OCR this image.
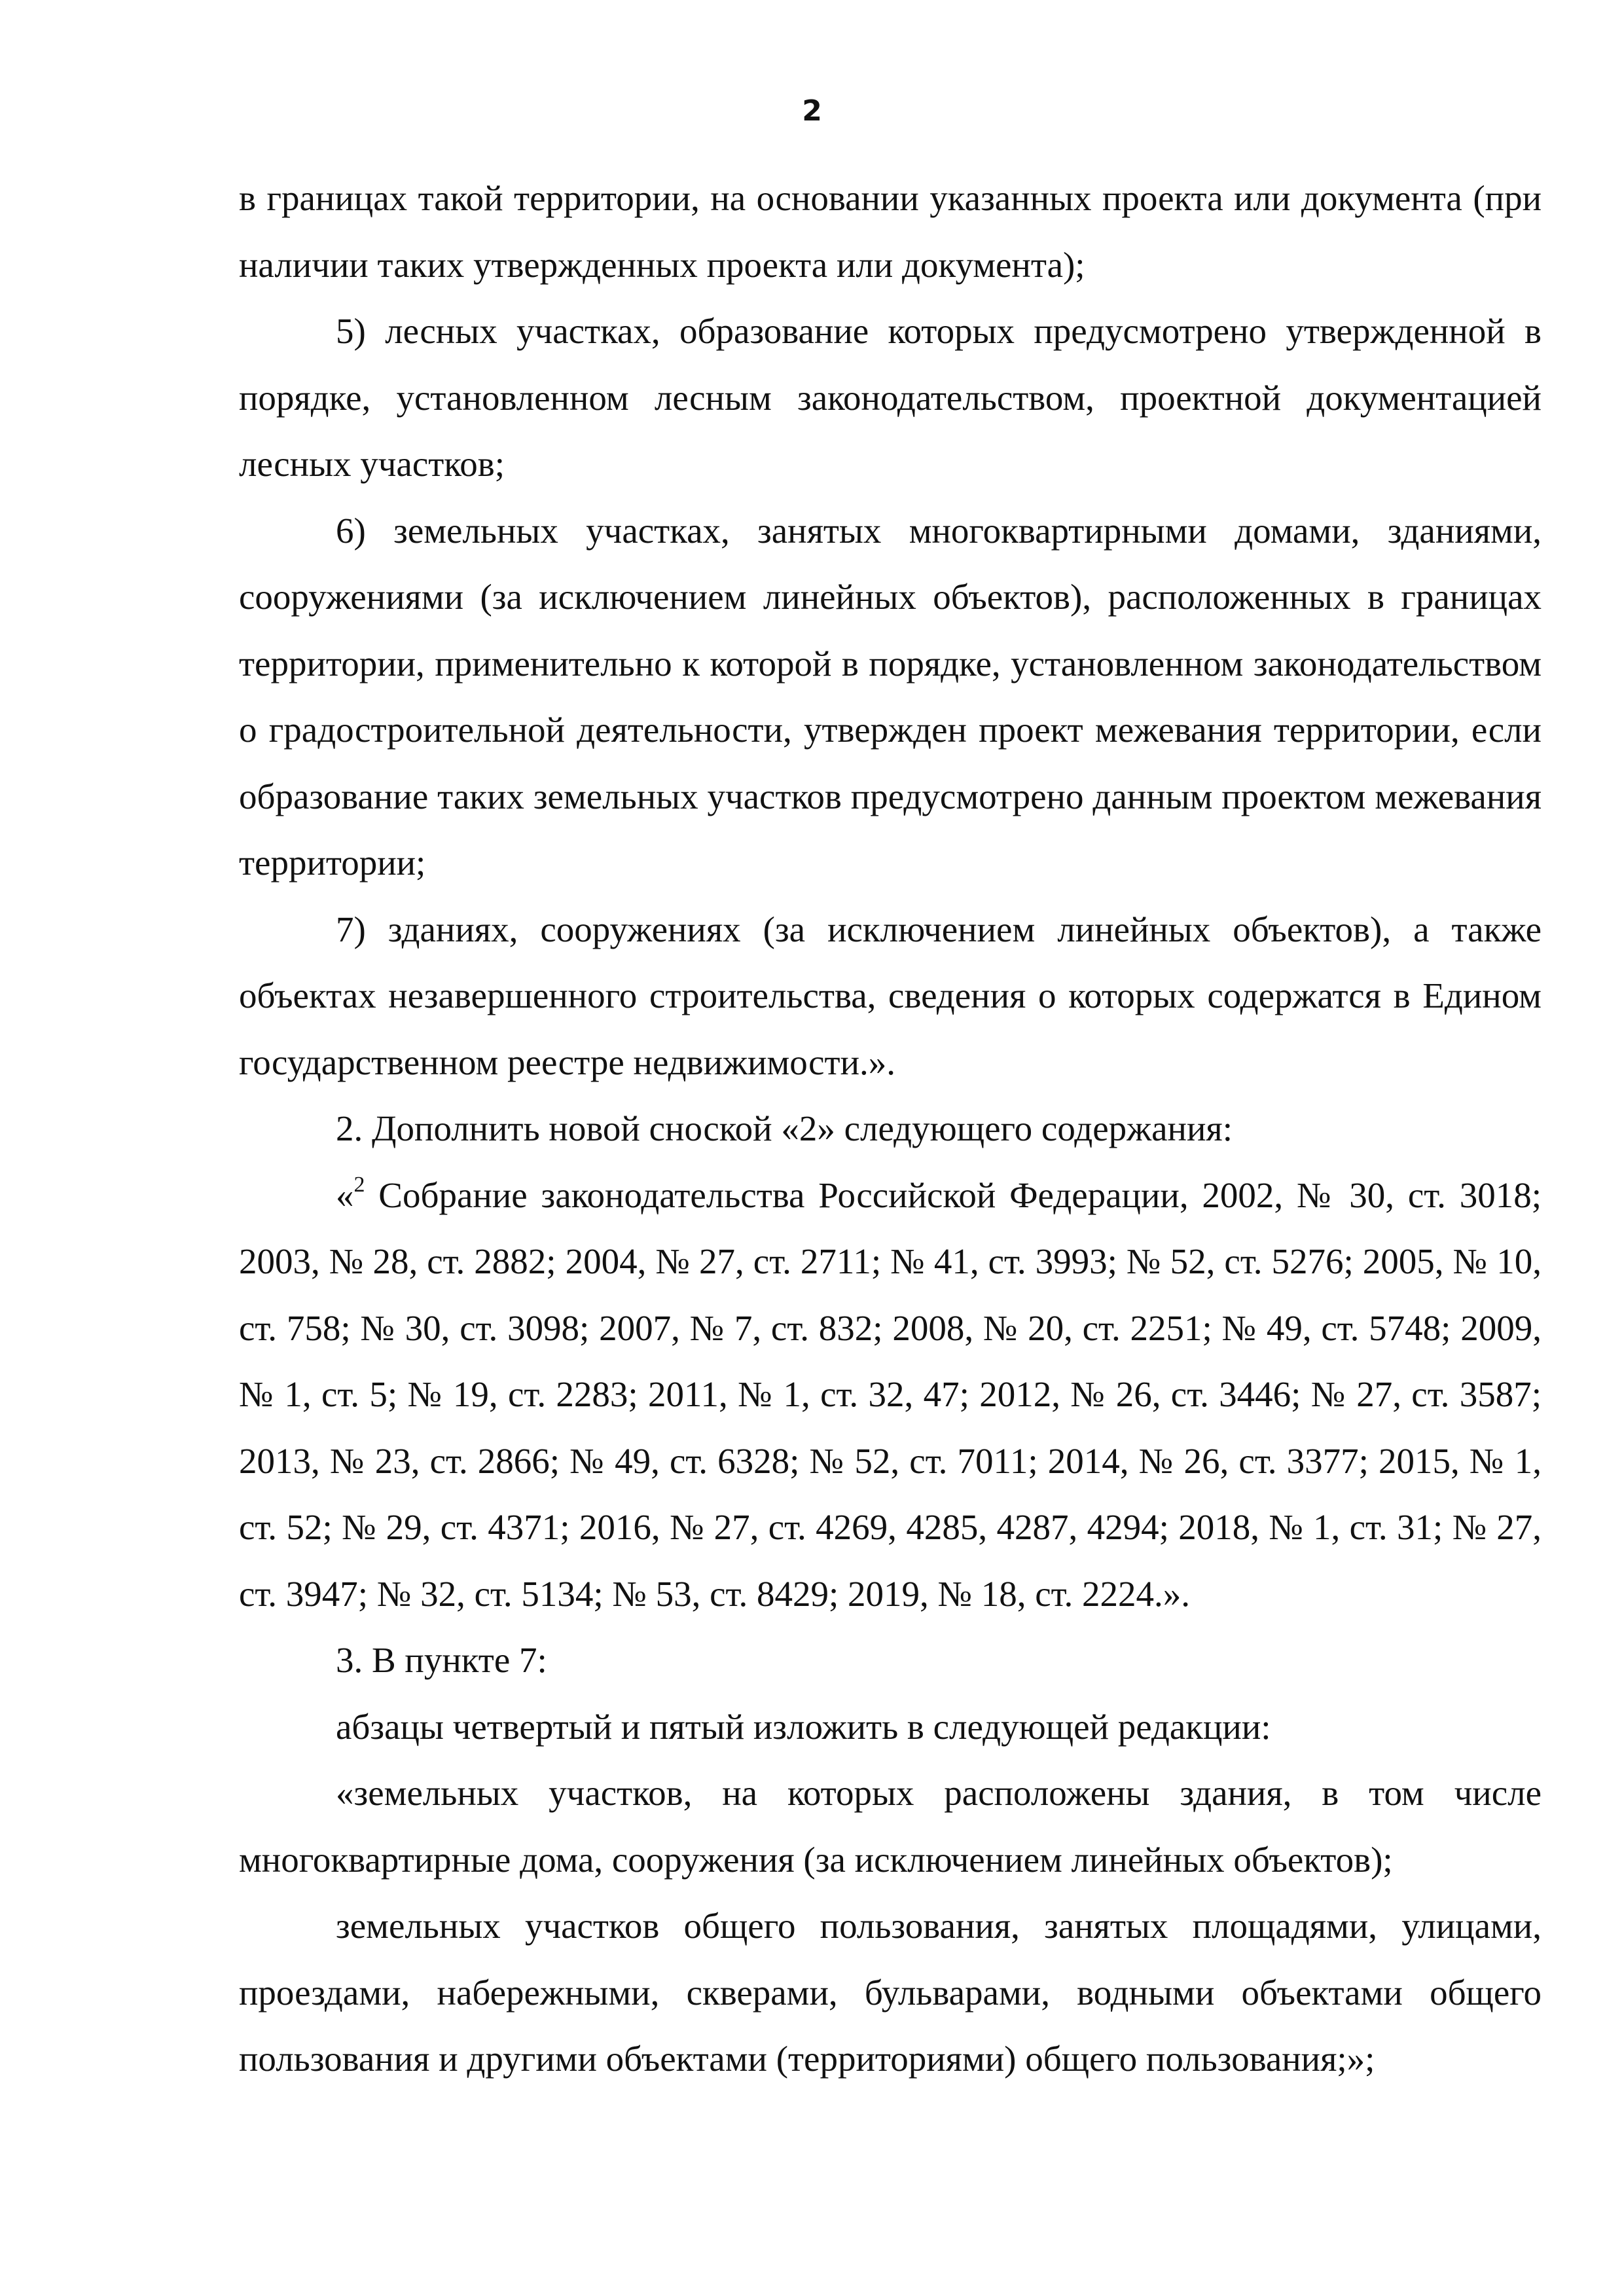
2

в границах такой территории, на основании указанных проекта или документа (при наличии таких утвержденных проекта или документа);

5) лесных участках, образование которых предусмотрено утвержденной в порядке, установленном лесным законодательством, проектной документацией лесных участков;

6) земельных участках, занятых многоквартирными домами, зданиями, сооружениями (за исключением линейных объектов), расположенных в границах территории, применительно к которой в порядке, установленном законодательством о градостроительной деятельности, утвержден проект межевания территории, если образование таких земельных участков предусмотрено данным проектом межевания территории;

7) зданиях, сооружениях (за исключением линейных объектов), а также объектах незавершенного строительства, сведения о которых содержатся в Едином государственном реестре недвижимости.».

2. Дополнить новой сноской «2» следующего содержания:

«$^2$ Собрание законодательства Российской Федерации, 2002, № 30, ст. 3018; 2003, № 28, ст. 2882; 2004, № 27, ст. 2711; № 41, ст. 3993; № 52, ст. 5276; 2005, № 10, ст. 758; № 30, ст. 3098; 2007, № 7, ст. 832; 2008, № 20, ст. 2251; № 49, ст. 5748; 2009, № 1, ст. 5; № 19, ст. 2283; 2011, № 1, ст. 32, 47; 2012, № 26, ст. 3446; № 27, ст. 3587; 2013, № 23, ст. 2866; № 49, ст. 6328; № 52, ст. 7011; 2014, № 26, ст. 3377; 2015, № 1, ст. 52; № 29, ст. 4371; 2016, № 27, ст. 4269, 4285, 4287, 4294; 2018, № 1, ст. 31; № 27, ст. 3947; № 32, ст. 5134; № 53, ст. 8429; 2019, № 18, ст. 2224.».

3. В пункте 7:

абзацы четвертый и пятый изложить в следующей редакции:

«земельных участков, на которых расположены здания, в том числе многоквартирные дома, сооружения (за исключением линейных объектов);

земельных участков общего пользования, занятых площадями, улицами, проездами, набережными, скверами, бульварами, водными объектами общего пользования и другими объектами (территориями) общего пользования;»;
